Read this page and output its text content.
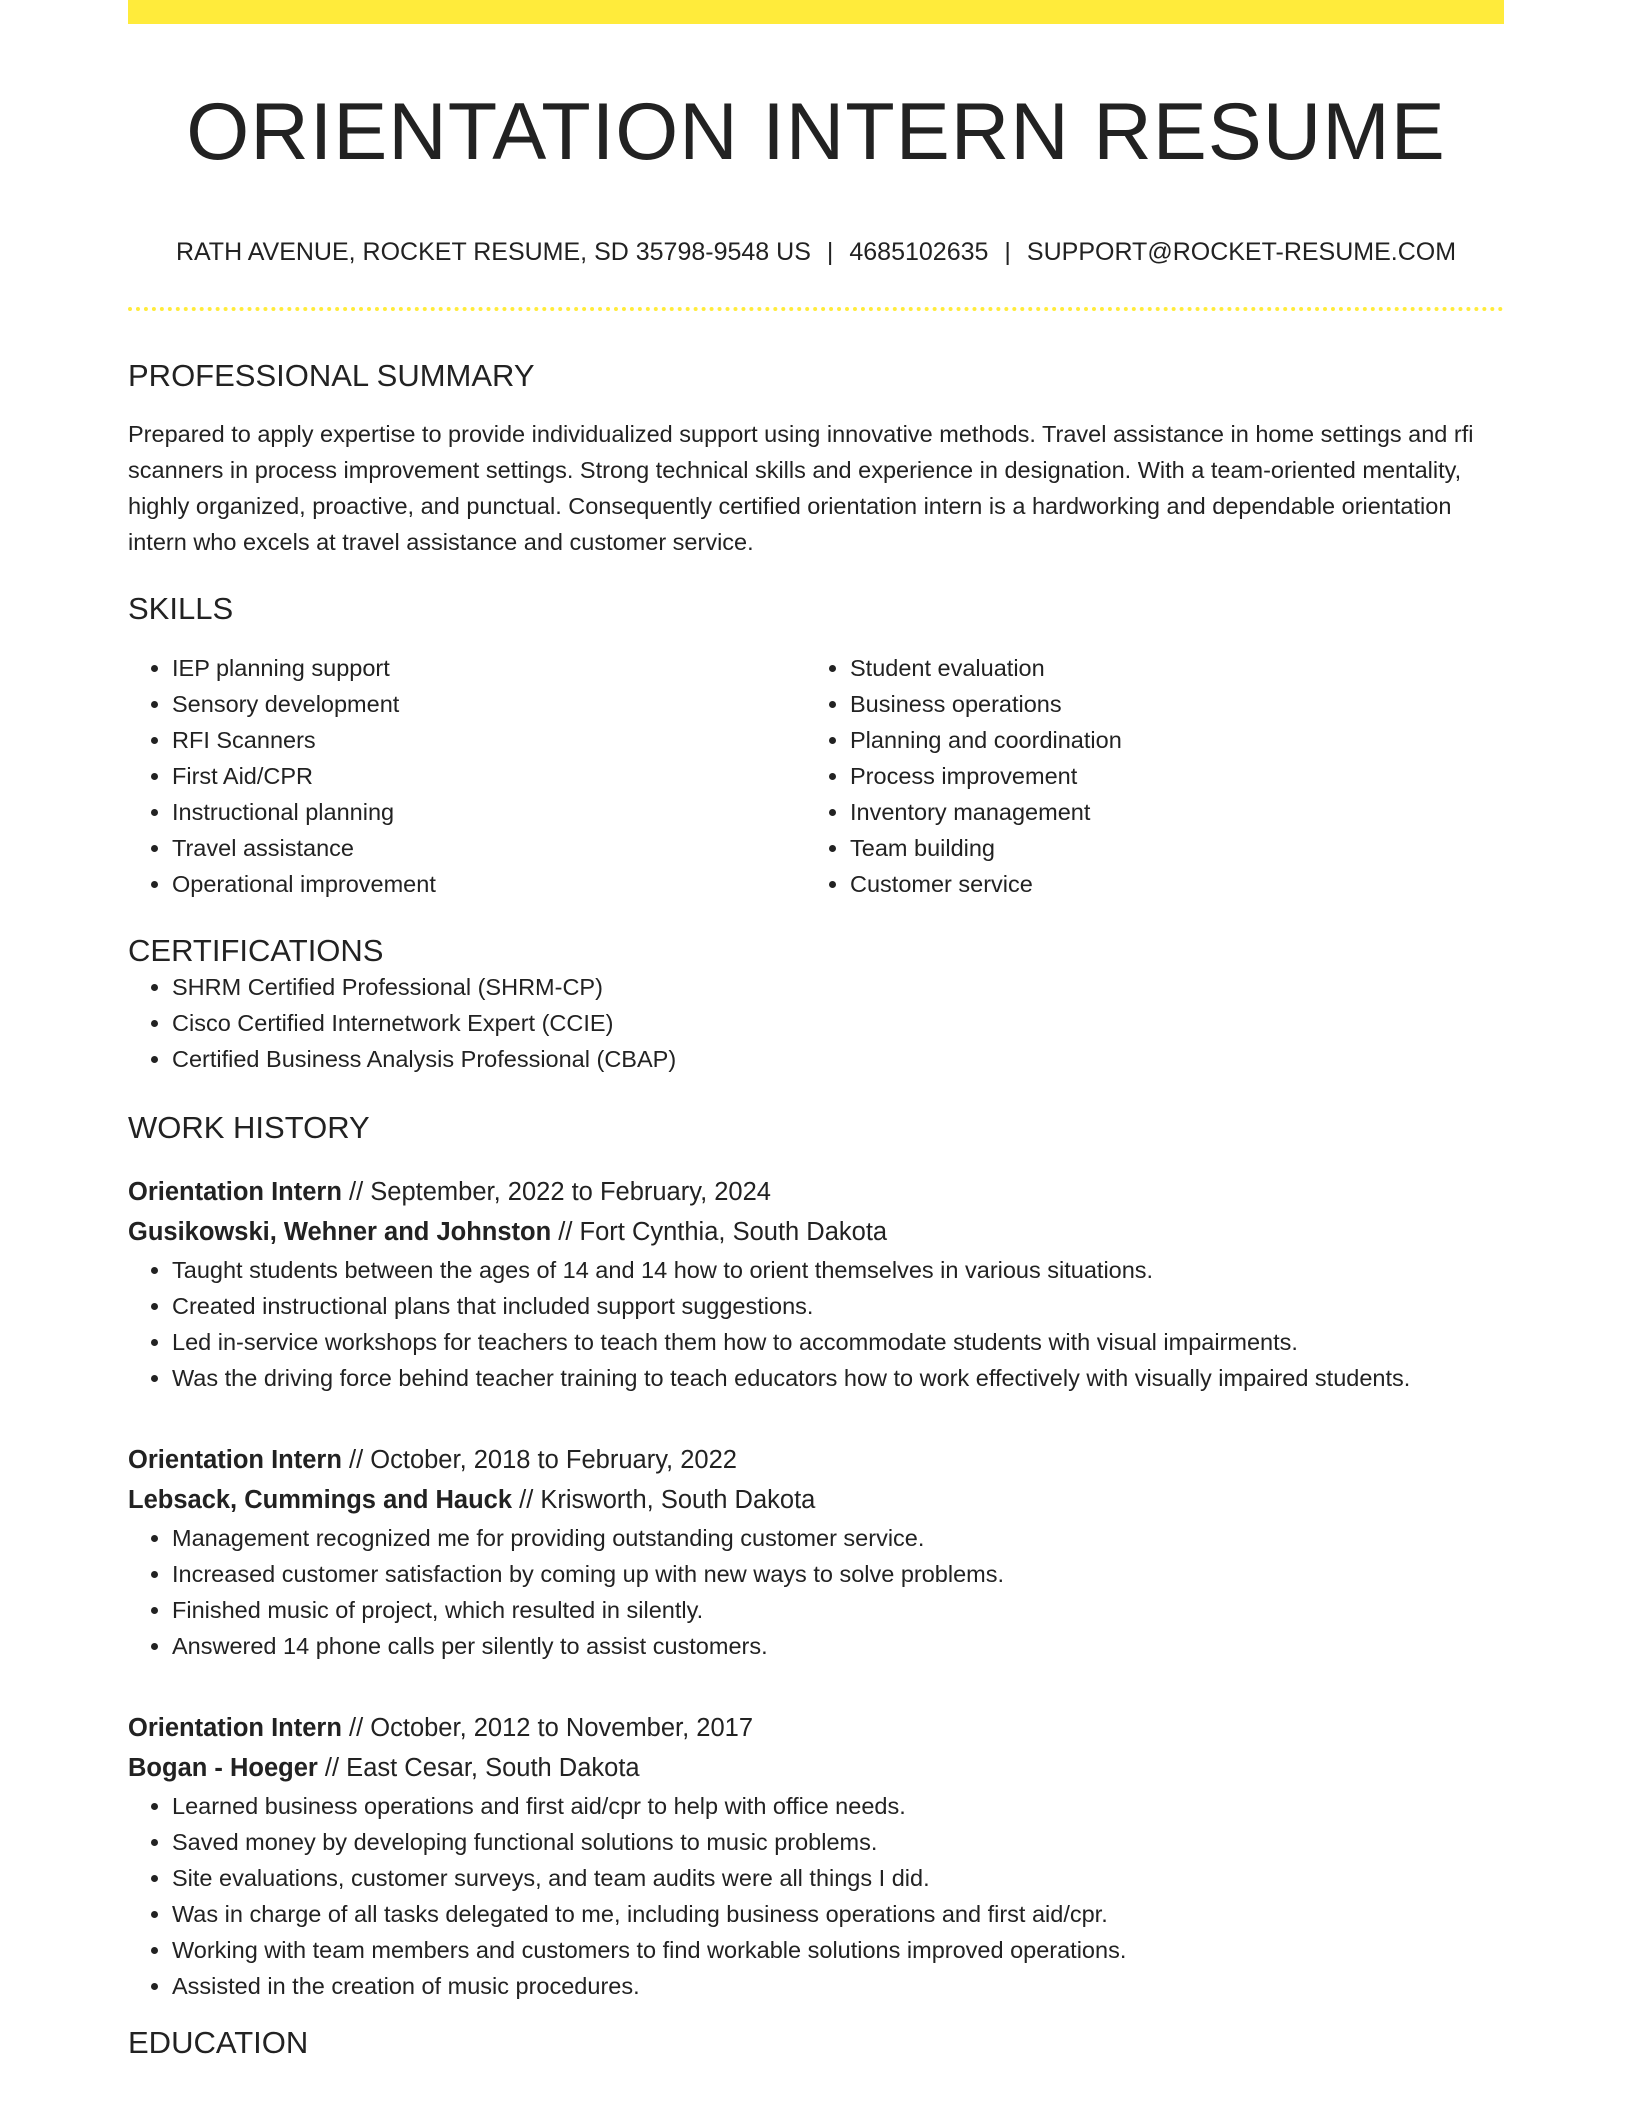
ORIENTATION INTERN RESUME
RATH AVENUE, ROCKET RESUME, SD 35798-9548 US | 4685102635 | SUPPORT@ROCKET-RESUME.COM
PROFESSIONAL SUMMARY
Prepared to apply expertise to provide individualized support using innovative methods. Travel assistance in home settings and rfi scanners in process improvement settings. Strong technical skills and experience in designation. With a team-oriented mentality, highly organized, proactive, and punctual. Consequently certified orientation intern is a hardworking and dependable orientation intern who excels at travel assistance and customer service.
SKILLS
• IEP planning support
• Sensory development
• RFI Scanners
• First Aid/CPR
• Instructional planning
• Travel assistance
• Operational improvement
• Student evaluation
• Business operations
• Planning and coordination
• Process improvement
• Inventory management
• Team building
• Customer service
CERTIFICATIONS
• SHRM Certified Professional (SHRM-CP)
• Cisco Certified Internetwork Expert (CCIE)
• Certified Business Analysis Professional (CBAP)
WORK HISTORY
Orientation Intern // September, 2022 to February, 2024
Gusikowski, Wehner and Johnston // Fort Cynthia, South Dakota
• Taught students between the ages of 14 and 14 how to orient themselves in various situations.
• Created instructional plans that included support suggestions.
• Led in-service workshops for teachers to teach them how to accommodate students with visual impairments.
• Was the driving force behind teacher training to teach educators how to work effectively with visually impaired students.
Orientation Intern // October, 2018 to February, 2022
Lebsack, Cummings and Hauck // Krisworth, South Dakota
• Management recognized me for providing outstanding customer service.
• Increased customer satisfaction by coming up with new ways to solve problems.
• Finished music of project, which resulted in silently.
• Answered 14 phone calls per silently to assist customers.
Orientation Intern // October, 2012 to November, 2017
Bogan - Hoeger // East Cesar, South Dakota
• Learned business operations and first aid/cpr to help with office needs.
• Saved money by developing functional solutions to music problems.
• Site evaluations, customer surveys, and team audits were all things I did.
• Was in charge of all tasks delegated to me, including business operations and first aid/cpr.
• Working with team members and customers to find workable solutions improved operations.
• Assisted in the creation of music procedures.
EDUCATION
